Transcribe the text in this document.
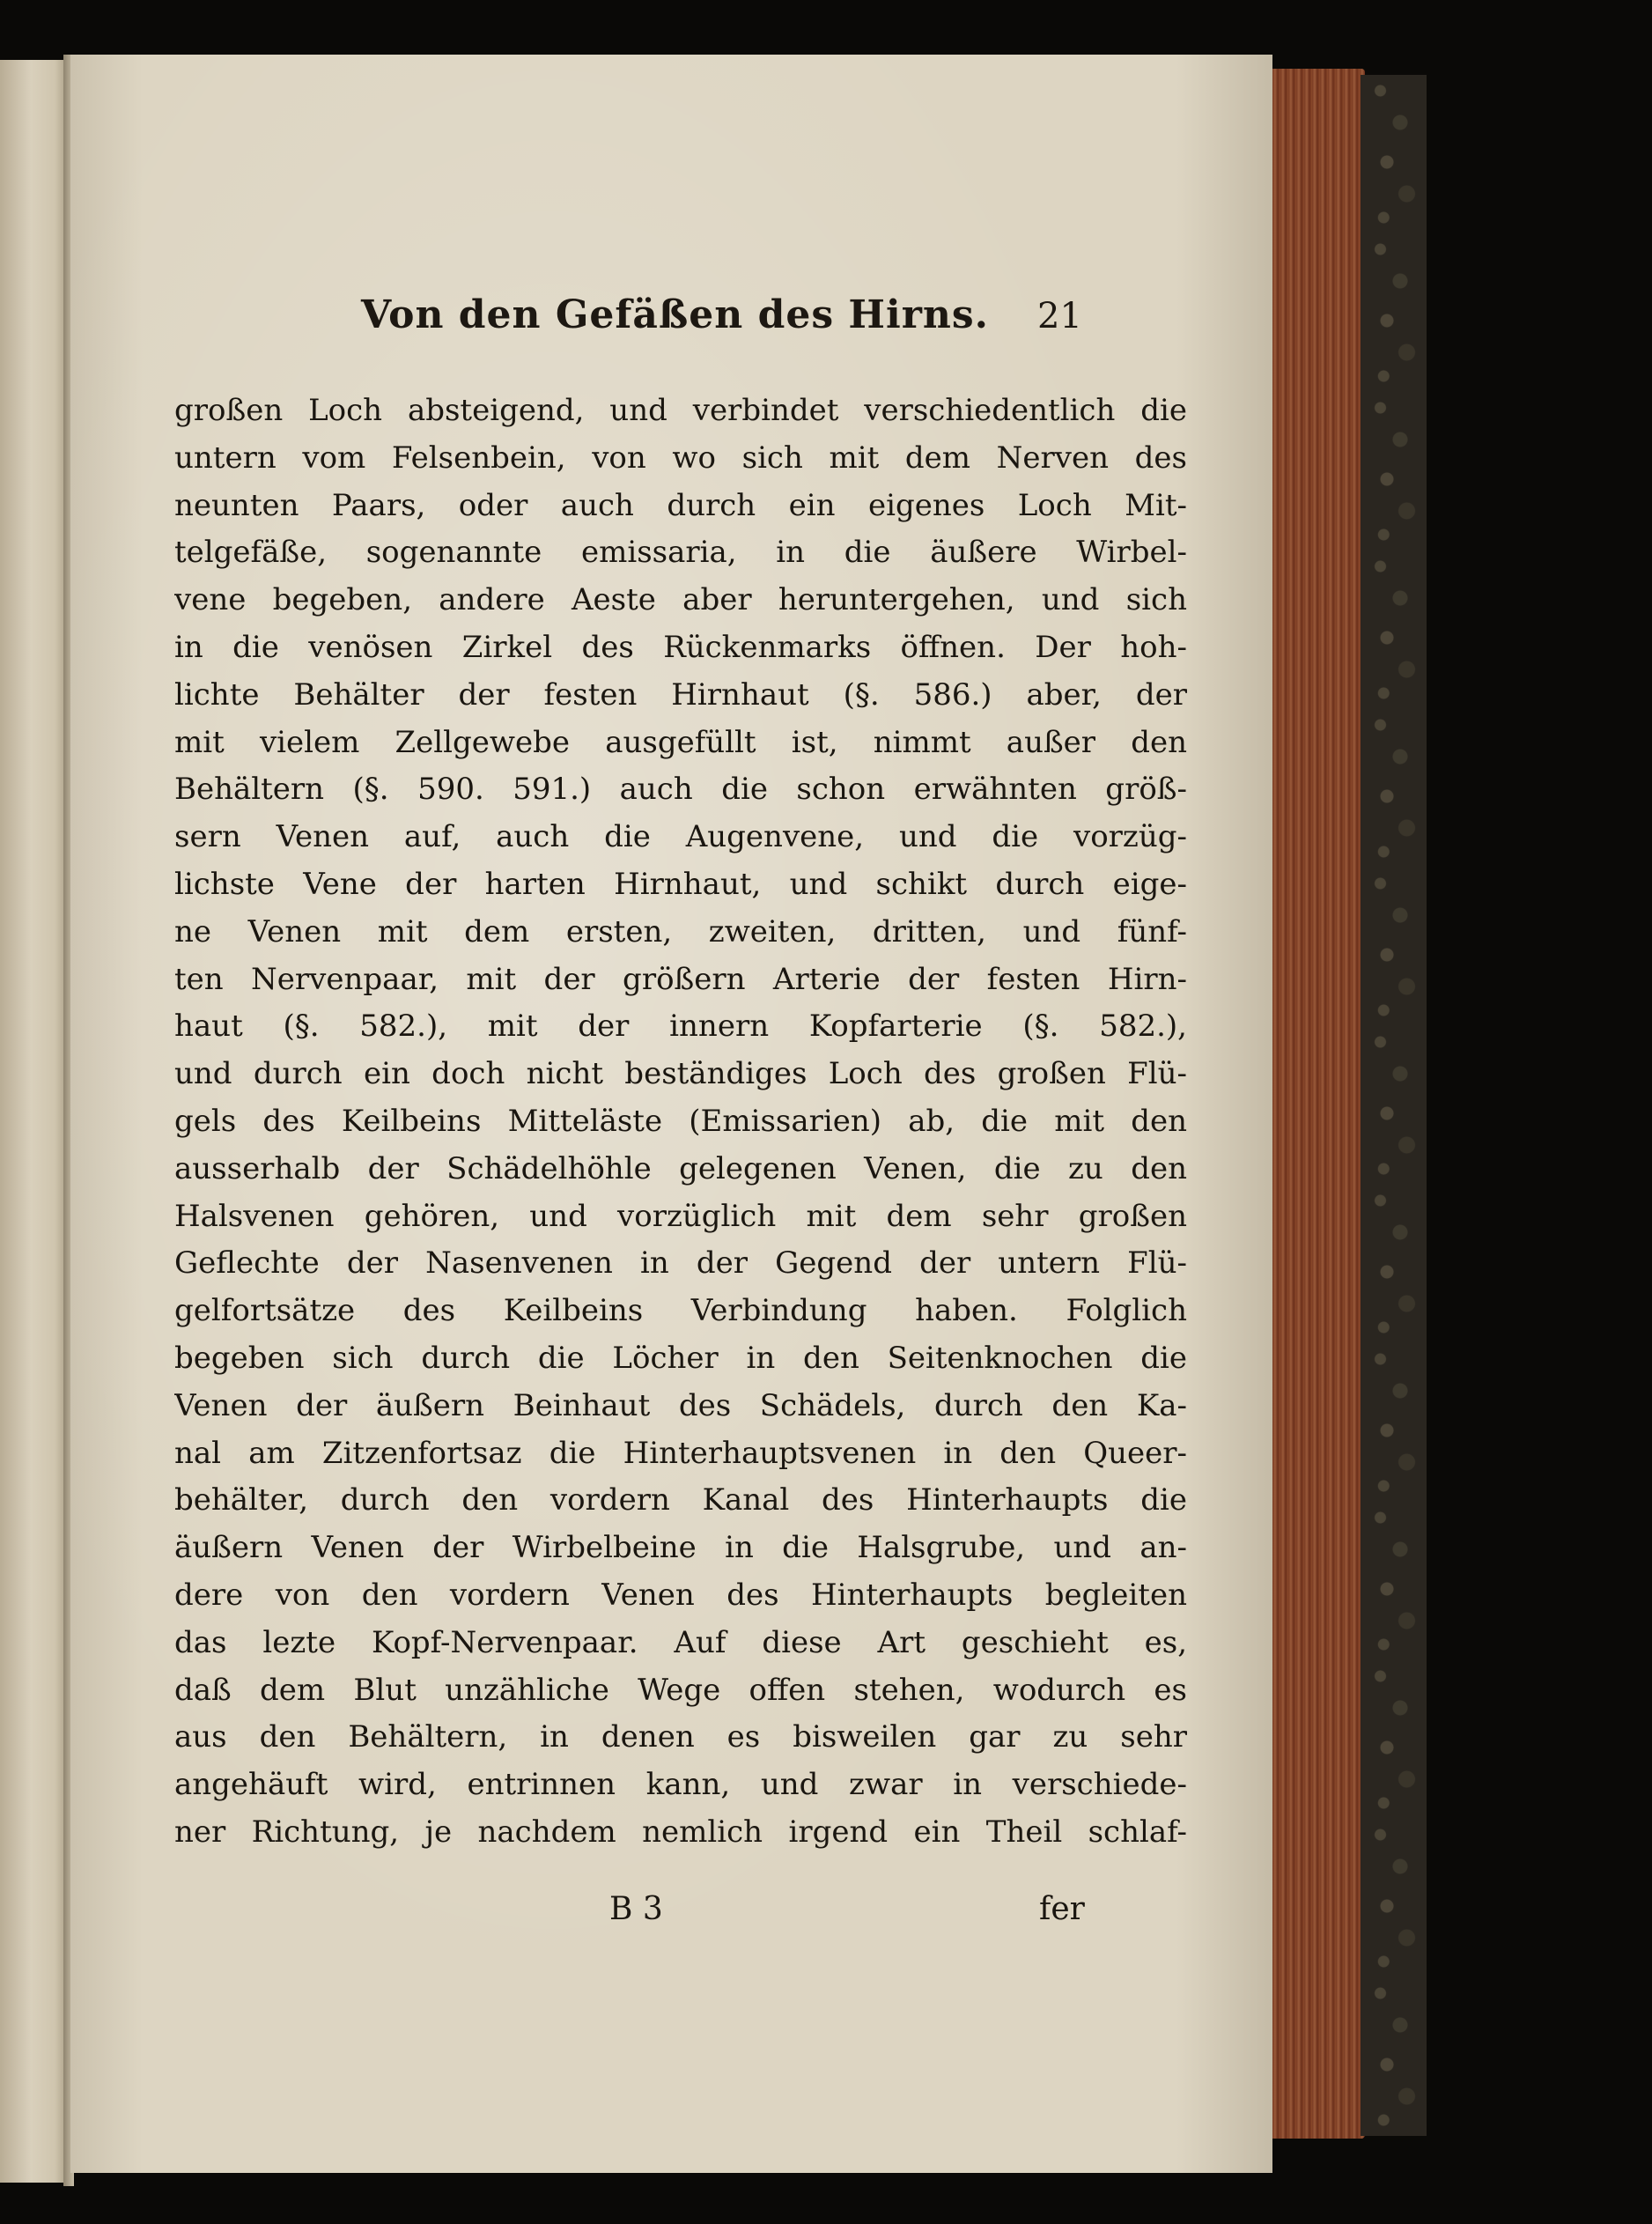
Von den Gefäßen des Hirns. 21
großen Loch absteigend, und verbindet verschiedentlich die
untern vom Felsenbein, von wo sich mit dem Nerven des
neunten Paars, oder auch durch ein eigenes Loch Mit-
telgefäße, sogenannte emissaria, in die äußere Wirbel-
vene begeben, andere Aeste aber heruntergehen, und sich
in die venösen Zirkel des Rückenmarks öffnen. Der hoh-
lichte Behälter der festen Hirnhaut (§. 586.) aber, der
mit vielem Zellgewebe ausgefüllt ist, nimmt außer den
Behältern (§. 590. 591.) auch die schon erwähnten größ-
sern Venen auf, auch die Augenvene, und die vorzüg-
lichste Vene der harten Hirnhaut, und schikt durch eige-
ne Venen mit dem ersten, zweiten, dritten, und fünf-
ten Nervenpaar, mit der größern Arterie der festen Hirn-
haut (§. 582.), mit der innern Kopfarterie (§. 582.),
und durch ein doch nicht beständiges Loch des großen Flü-
gels des Keilbeins Mitteläste (Emissarien) ab, die mit den
ausserhalb der Schädelhöhle gelegenen Venen, die zu den
Halsvenen gehören, und vorzüglich mit dem sehr großen
Geflechte der Nasenvenen in der Gegend der untern Flü-
gelfortsätze des Keilbeins Verbindung haben. Folglich
begeben sich durch die Löcher in den Seitenknochen die
Venen der äußern Beinhaut des Schädels, durch den Ka-
nal am Zitzenfortsaz die Hinterhauptsvenen in den Queer-
behälter, durch den vordern Kanal des Hinterhaupts die
äußern Venen der Wirbelbeine in die Halsgrube, und an-
dere von den vordern Venen des Hinterhaupts begleiten
das lezte Kopf-Nervenpaar. Auf diese Art geschieht es,
daß dem Blut unzähliche Wege offen stehen, wodurch es
aus den Behältern, in denen es bisweilen gar zu sehr
angehäuft wird, entrinnen kann, und zwar in verschiede-
ner Richtung, je nachdem nemlich irgend ein Theil schlaf-
B 3	fer
